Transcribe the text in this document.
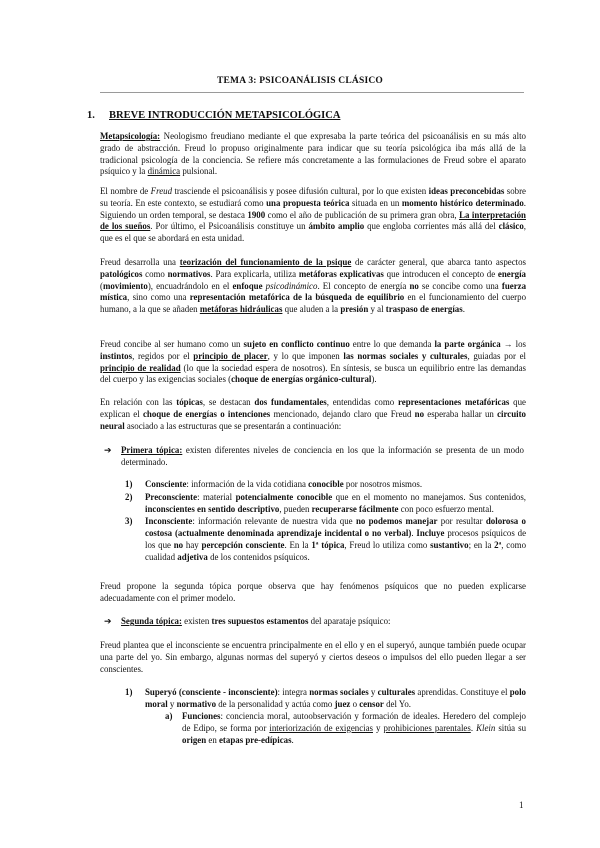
TEMA 3: PSICOANÁLISIS CLÁSICO
1. BREVE INTRODUCCIÓN METAPSICOLÓGICA
Metapsicología: Neologismo freudiano mediante el que expresaba la parte teórica del psicoanálisis en su más alto grado de abstracción. Freud lo propuso originalmente para indicar que su teoría psicológica iba más allá de la tradicional psicología de la conciencia. Se refiere más concretamente a las formulaciones de Freud sobre el aparato psíquico y la dinámica pulsional.
El nombre de Freud trasciende el psicoanálisis y posee difusión cultural, por lo que existen ideas preconcebidas sobre su teoría. En este contexto, se estudiará como una propuesta teórica situada en un momento histórico determinado. Siguiendo un orden temporal, se destaca 1900 como el año de publicación de su primera gran obra, La interpretación de los sueños. Por último, el Psicoanálisis constituye un ámbito amplio que engloba corrientes más allá del clásico, que es el que se abordará en esta unidad.
Freud desarrolla una teorización del funcionamiento de la psique de carácter general, que abarca tanto aspectos patológicos como normativos. Para explicarla, utiliza metáforas explicativas que introducen el concepto de energía (movimiento), encuadrándolo en el enfoque psicodinámico. El concepto de energía no se concibe como una fuerza mística, sino como una representación metafórica de la búsqueda de equilibrio en el funcionamiento del cuerpo humano, a la que se añaden metáforas hidráulicas que aluden a la presión y al traspaso de energías.
Freud concibe al ser humano como un sujeto en conflicto continuo entre lo que demanda la parte orgánica → los instintos, regidos por el principio de placer, y lo que imponen las normas sociales y culturales, guiadas por el principio de realidad (lo que la sociedad espera de nosotros). En síntesis, se busca un equilibrio entre las demandas del cuerpo y las exigencias sociales (choque de energías orgánico-cultural).
En relación con las tópicas, se destacan dos fundamentales, entendidas como representaciones metafóricas que explican el choque de energías o intenciones mencionado, dejando claro que Freud no esperaba hallar un circuito neural asociado a las estructuras que se presentarán a continuación:
➔ Primera tópica: existen diferentes niveles de conciencia en los que la información se presenta de un modo determinado.
1) Consciente: información de la vida cotidiana conocible por nosotros mismos.
2) Preconsciente: material potencialmente conocible que en el momento no manejamos. Sus contenidos, inconscientes en sentido descriptivo, pueden recuperarse fácilmente con poco esfuerzo mental.
3) Inconsciente: información relevante de nuestra vida que no podemos manejar por resultar dolorosa o costosa (actualmente denominada aprendizaje incidental o no verbal). Incluye procesos psíquicos de los que no hay percepción consciente. En la 1ª tópica, Freud lo utiliza como sustantivo; en la 2ª, como cualidad adjetiva de los contenidos psíquicos.
Freud propone la segunda tópica porque observa que hay fenómenos psíquicos que no pueden explicarse adecuadamente con el primer modelo.
➔ Segunda tópica: existen tres supuestos estamentos del aparataje psíquico:
Freud plantea que el inconsciente se encuentra principalmente en el ello y en el superyó, aunque también puede ocupar una parte del yo. Sin embargo, algunas normas del superyó y ciertos deseos o impulsos del ello pueden llegar a ser conscientes.
1) Superyó (consciente - inconsciente): integra normas sociales y culturales aprendidas. Constituye el polo moral y normativo de la personalidad y actúa como juez o censor del Yo.
a) Funciones: conciencia moral, autoobservación y formación de ideales. Heredero del complejo de Edipo, se forma por interiorización de exigencias y prohibiciones parentales. Klein sitúa su origen en etapas pre-edípicas.
1
